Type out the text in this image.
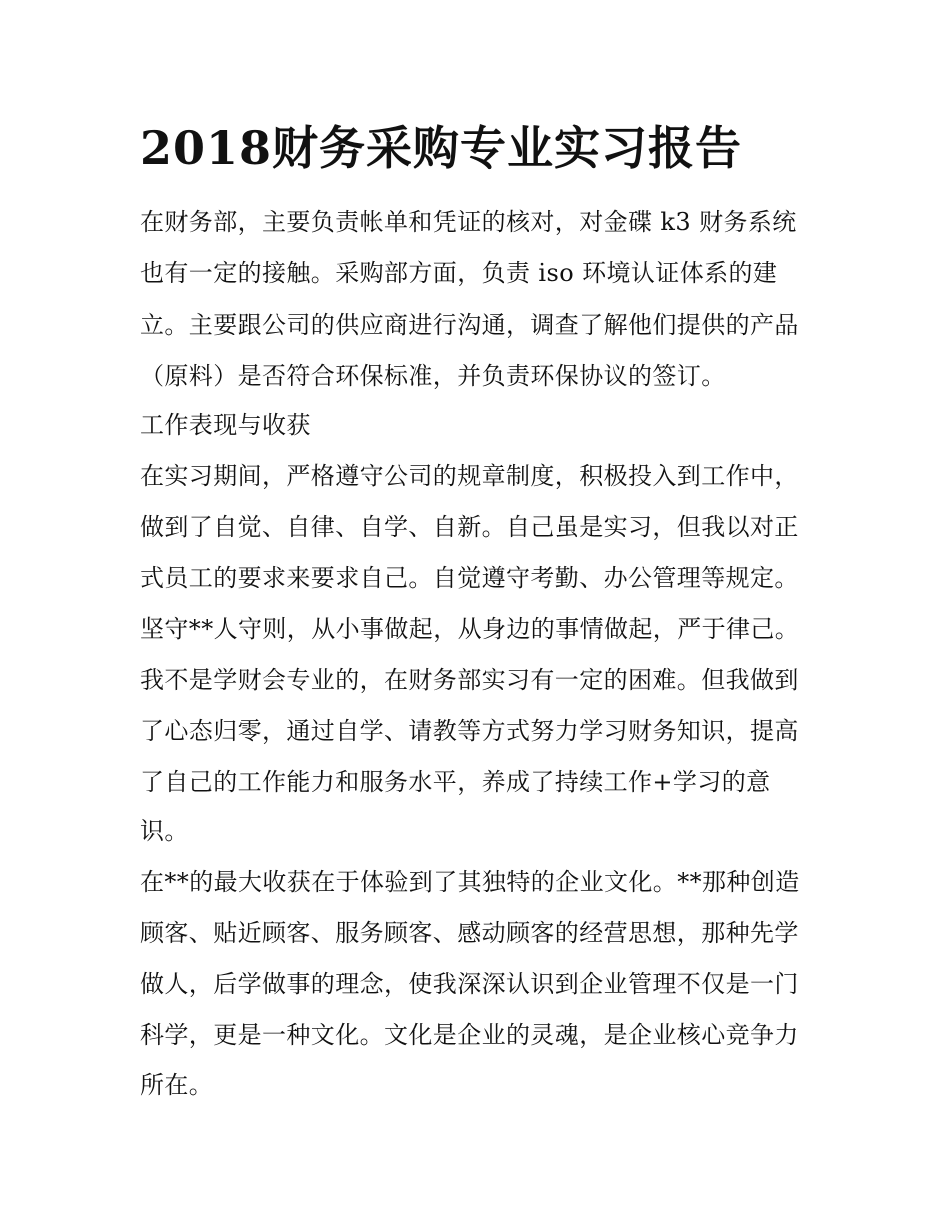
2018财务采购专业实习报告
在财务部，主要负责帐单和凭证的核对，对金碟 k3 财务系统
也有一定的接触。采购部方面，负责 iso 环境认证体系的建
立。主要跟公司的供应商进行沟通，调查了解他们提供的产品
（原料）是否符合环保标准，并负责环保协议的签订。
工作表现与收获
在实习期间，严格遵守公司的规章制度，积极投入到工作中，
做到了自觉、自律、自学、自新。自己虽是实习，但我以对正
式员工的要求来要求自己。自觉遵守考勤、办公管理等规定。
坚守**人守则，从小事做起，从身边的事情做起，严于律己。
我不是学财会专业的，在财务部实习有一定的困难。但我做到
了心态归零，通过自学、请教等方式努力学习财务知识，提高
了自己的工作能力和服务水平，养成了持续工作+学习的意
识。
在**的最大收获在于体验到了其独特的企业文化。**那种创造
顾客、贴近顾客、服务顾客、感动顾客的经营思想，那种先学
做人，后学做事的理念，使我深深认识到企业管理不仅是一门
科学，更是一种文化。文化是企业的灵魂，是企业核心竞争力
所在。
